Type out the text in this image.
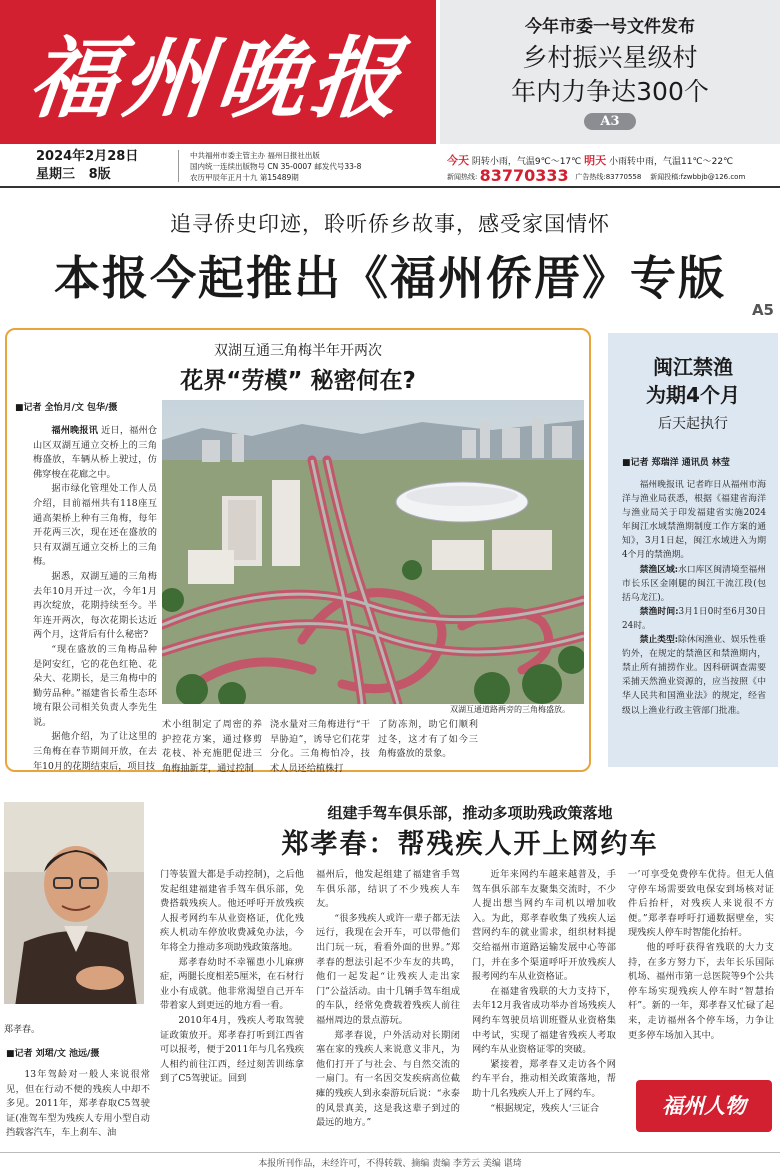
福州晚报	今年市委一号文件发布
乡村振兴星级村
年内力争达300个
A3
2024年2月28日
星期三 8版
中共福州市委主管主办 福州日报社出版
国内统一连续出版物号 CN 35-0007 邮发代号33-8
农历甲辰年正月十九 第15489期
今天 阴转小雨，气温9℃～17℃ 明天 小雨转中雨，气温11℃～22℃
新闻热线: 83770333 广告热线:83770558 新闻投稿:fzwbbjb@126.com
追寻侨史印迹，聆听侨乡故事，感受家国情怀
本报今起推出《福州侨厝》专版
A5
双湖互通三角梅半年开两次
花界“劳模” 秘密何在?
■记者 全怡月/文 包华/摄

福州晚报讯 近日，福州仓山区双湖互通立交桥上的三角梅盛放，车辆从桥上驶过，仿佛穿梭在花廊之中。

据市绿化管理处工作人员介绍，目前福州共有118座互通高架桥上种有三角梅，每年开花两三次，现在还在盛放的只有双湖互通立交桥上的三角梅。

据悉，双湖互通的三角梅去年10月开过一次，今年1月再次绽放，花期持续至今。半年连开两次，每次花期长达近两个月，这背后有什么秘密?

“现在盛放的三角梅品种是阿安红，它的花色红艳、花朵大、花期长，是三角梅中的勤劳品种。”福建省长希生态环境有限公司相关负责人李先生说。

据他介绍，为了让这里的三角梅在春节期间开放，在去年10月的花期结束后，项目技

双湖互通道路两旁的三角梅盛放。

术小组制定了周密的养护控花方案，通过修剪花枝、补充施肥促进三角梅抽新芽，通过控制

浇水量对三角梅进行“干旱胁迫”，诱导它们花芽分化。三角梅怕冷，技术人员还给植株打

了防冻剂，助它们顺利过冬，这才有了如今三角梅盛放的景象。

闽江禁渔
为期4个月
后天起执行
■记者 郑瑞洋 通讯员 林莹

福州晚报讯 记者昨日从福州市海洋与渔业局获悉，根据《福建省海洋与渔业局关于印发福建省实施2024年闽江水域禁渔期制度工作方案的通知》，3月1日起，闽江水域进入为期4个月的禁渔期。

禁渔区域:水口库区闽清境至福州市长乐区金刚腿的闽江干流江段(包括乌龙江)。

禁渔时间:3月1日0时至6月30日24时。

禁止类型:除休闲渔业、娱乐性垂钓外，在规定的禁渔区和禁渔期内，禁止所有捕捞作业。因科研调查需要采捕天然渔业资源的，应当按照《中华人民共和国渔业法》的规定，经省级以上渔业行政主管部门批准。

郑孝春。
■记者 刘珺/文 池远/摄
组建手驾车俱乐部，推动多项助残政策落地
郑孝春：帮残疾人开上网约车

门等装置大都是手动控制)，之后他发起组建福建省手驾车俱乐部，免费搭载残疾人。他还呼吁开放残疾人报考网约车从业资格证，优化残疾人机动车停放收费减免办法，今年将全力推动多项助残政策落地。

郑孝春幼时不幸罹患小儿麻痹症，两腿长度相差5厘米，在石材行业小有成就。他非常渴望自己开车带着家人到更远的地方看一看。

2010年4月，残疾人考取驾驶证政策放开。郑孝春打听到江西省可以报考，便于2011年与几名残疾人相约前往江西，经过刻苦训练拿到了C5驾驶证。回到

福州后，他发起组建了福建省手驾车俱乐部，结识了不少残疾人车友。

“很多残疾人或许一辈子都无法远行，我现在会开车，可以带他们出门玩一玩，看看外面的世界。”郑孝春的想法引起不少车友的共鸣，他们一起发起“让残疾人走出家门”公益活动。由十几辆手驾车组成的车队，经常免费载着残疾人前往福州周边的景点游玩。

郑孝春说，户外活动对长期闭塞在家的残疾人来说意义非凡，为他们打开了与社会、与自然交流的一扇门。有一名因交发疾病高位截瘫的残疾人到永泰游玩后说：“永泰的风景真美，这是我这辈子到过的最远的地方。”

近年来网约车越来越普及，手驾车俱乐部车友聚集交流时，不少人提出想当网约车司机以增加收入。为此，郑孝春收集了残疾人运营网约车的就业需求，组织材料提交给福州市道路运输发展中心等部门，并在多个渠道呼吁开放残疾人报考网约车从业资格证。

在福建省残联的大力支持下，去年12月我省成功举办首场残疾人网约车驾驶员培训班暨从业资格集中考试，实现了福建省残疾人考取网约车从业资格证零的突破。

紧接着，郑孝春又走访各个网约车平台，推动相关政策落地，帮助十几名残疾人开上了网约车。

“根据规定，残疾人‘三证合

一’可享受免费停车优待。但无人值守停车场需要致电保安到场核对证件后抬杆，对残疾人来说很不方便。”郑孝春呼吁打通数据壁垒，实现残疾人停车时智能化抬杆。

他的呼吁获得省残联的大力支持，在多方努力下，去年长乐国际机场、福州市第一总医院等9个公共停车场实现残疾人停车时“智慧抬杆”。新的一年，郑孝春又忙碌了起来，走访福州各个停车场，力争让更多停车场加入其中。

13年驾龄对一般人来说很常见，但在行动不便的残疾人中却不多见。2011年，郑孝春取C5驾驶证(准驾车型为残疾人专用小型自动挡载客汽车，车上刹车、油

福州人物
本报所刊作品，未经许可，不得转载、摘编 责编 李芳云 美编 谌琦
